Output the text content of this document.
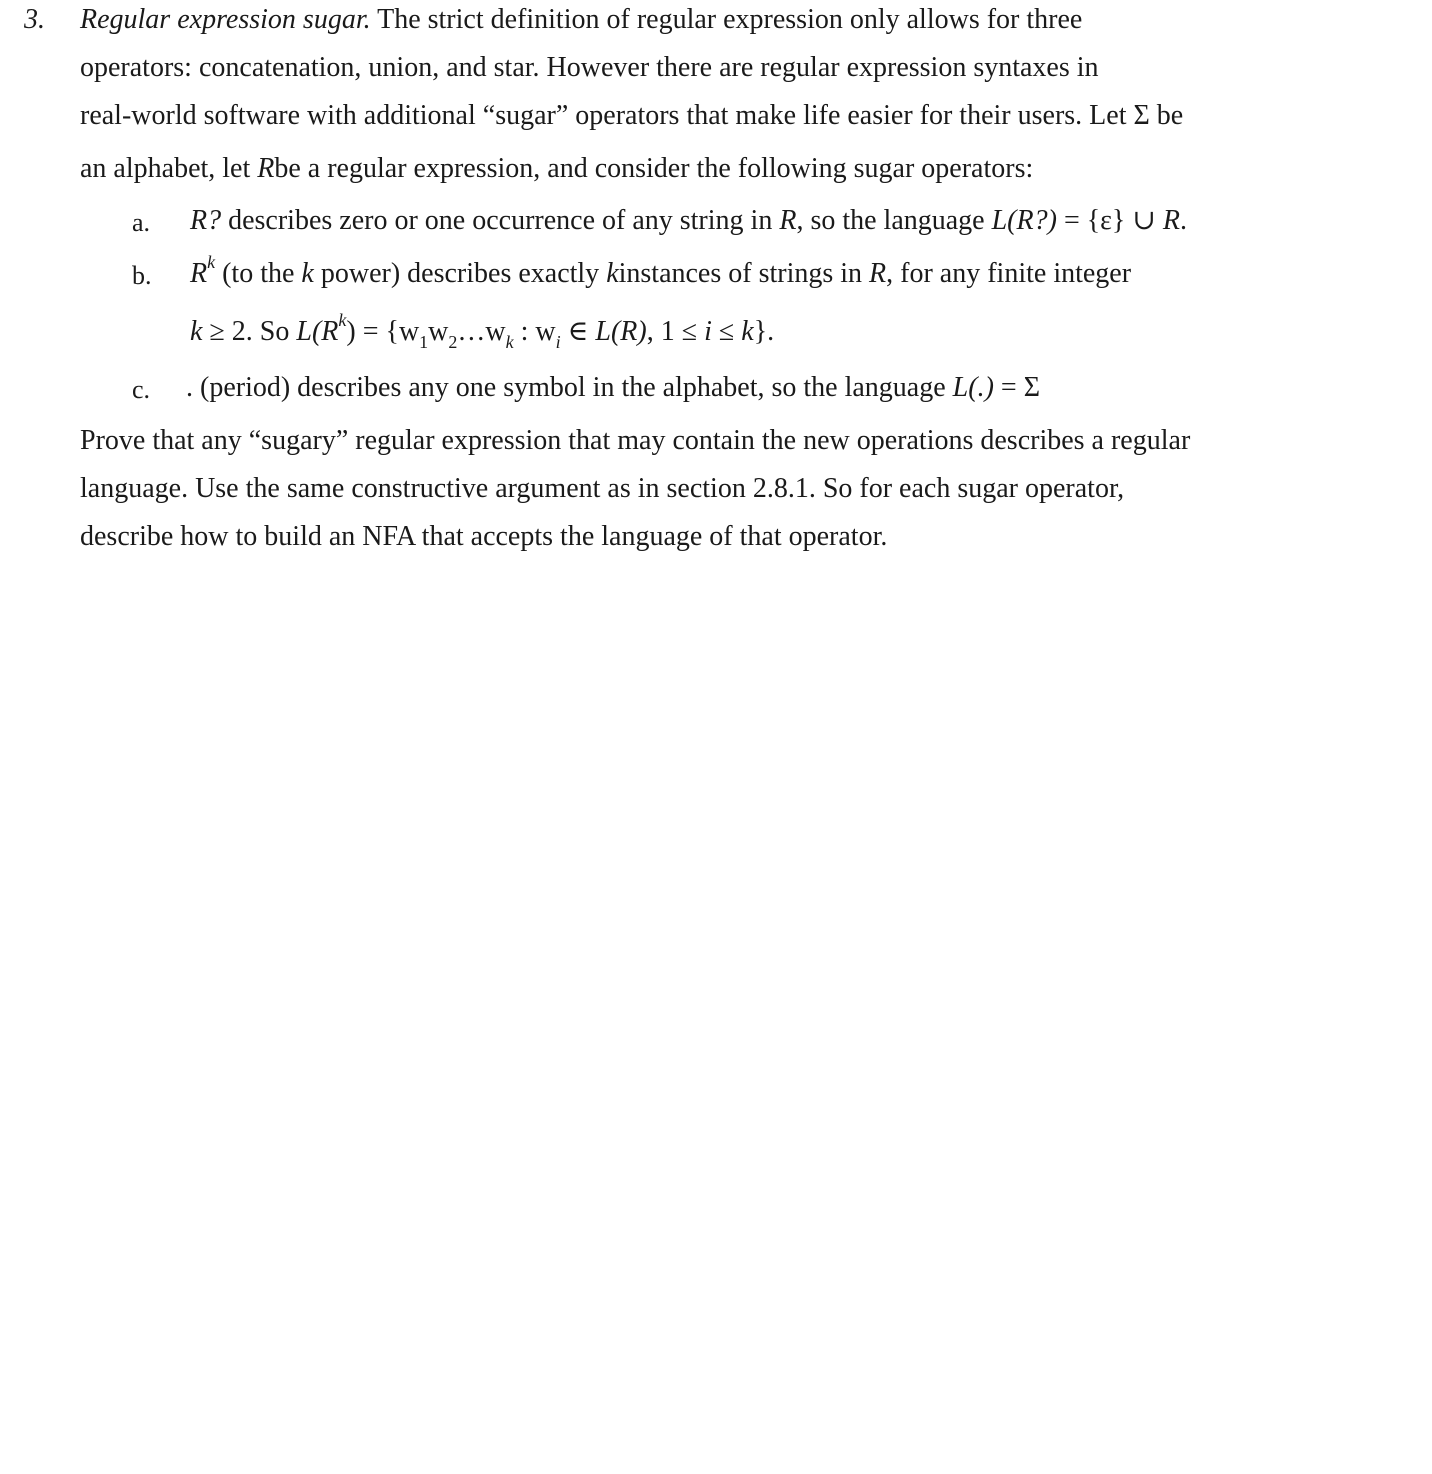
3. Regular expression sugar. The strict definition of regular expression only allows for three
operators: concatenation, union, and star. However there are regular expression syntaxes in
real-world software with additional “sugar” operators that make life easier for their users. Let Σ be
an alphabet, let Rbe a regular expression, and consider the following sugar operators:
a. R? describes zero or one occurrence of any string in R, so the language L(R?) = {ε} ∪ R.
b. $R^k$ (to the k power) describes exactly kinstances of strings in R, for any finite integer
k ≥ 2. So $L(R^k)$ = {$w_1w_2\dots w_k$ : $w_i$ ∈ L(R), 1 ≤ i ≤ k}.
c. . (period) describes any one symbol in the alphabet, so the language L(.) = Σ
Prove that any “sugary” regular expression that may contain the new operations describes a regular
language. Use the same constructive argument as in section 2.8.1. So for each sugar operator,
describe how to build an NFA that accepts the language of that operator.
